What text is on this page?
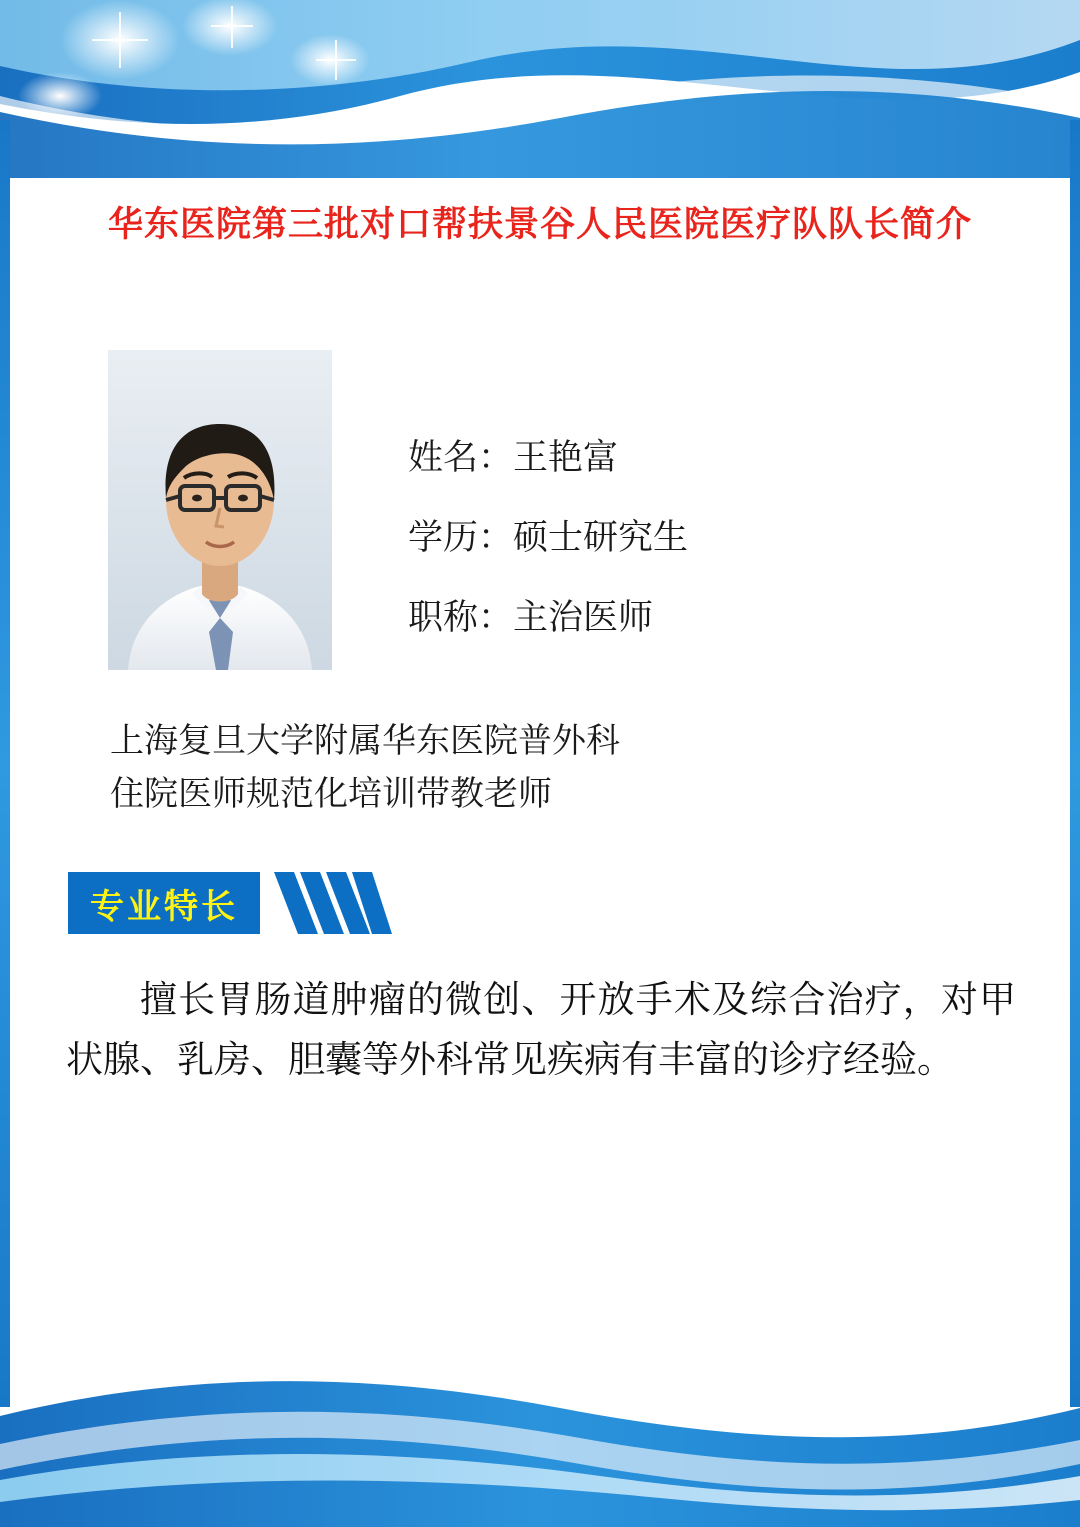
华东医院第三批对口帮扶景谷人民医院医疗队队长简介
姓名：王艳富
学历：硕士研究生
职称：主治医师
上海复旦大学附属华东医院普外科
住院医师规范化培训带教老师
专业特长
擅长胃肠道肿瘤的微创、开放手术及综合治疗，对甲状腺、乳房、胆囊等外科常见疾病有丰富的诊疗经验。
